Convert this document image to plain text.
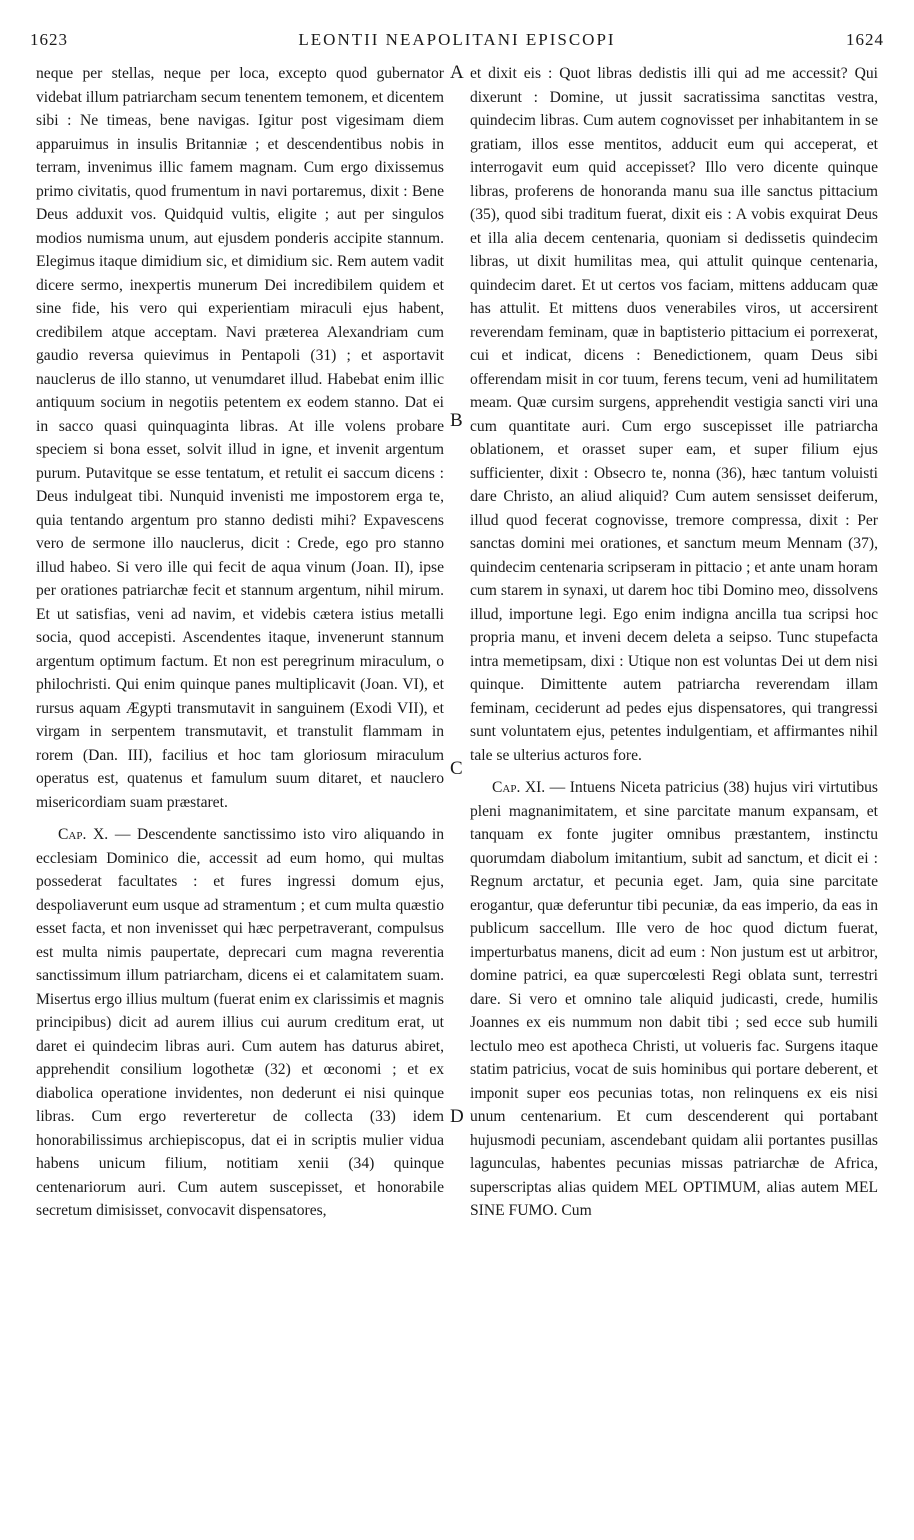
LEONTII NEAPOLITANI EPISCOPI
1623	1624

neque per stellas, neque per loca, excepto quod gubernator videbat illum patriarcham secum tenentem temonem, et dicentem sibi : Ne timeas, bene navigas. Igitur post vigesimam diem apparuimus in insulis Britanniæ ; et descendentibus nobis in terram, invenimus illic famem magnam. Cum ergo dixissemus primo civitatis, quod frumentum in navi portaremus, dixit : Bene Deus adduxit vos. Quidquid vultis, eligite ; aut per singulos modios numisma unum, aut ejusdem ponderis accipite stannum. Elegimus itaque dimidium sic, et dimidium sic. Rem autem vadit dicere sermo, inexpertis munerum Dei incredibilem quidem et sine fide, his vero qui experientiam miraculi ejus habent, credibilem atque acceptam. Navi præterea Alexandriam cum gaudio reversa quievimus in Pentapoli (31) ; et asportavit nauclerus de illo stanno, ut venumdaret illud. Habebat enim illic antiquum socium in negotiis petentem ex eodem stanno. Dat ei in sacco quasi quinquaginta libras. At ille volens probare speciem si bona esset, solvit illud in igne, et invenit argentum purum. Putavitque se esse tentatum, et retulit ei saccum dicens : Deus indulgeat tibi. Nunquid invenisti me impostorem erga te, quia tentando argentum pro stanno dedisti mihi? Expavescens vero de sermone illo nauclerus, dicit : Crede, ego pro stanno illud habeo. Si vero ille qui fecit de aqua vinum (Joan. II), ipse per orationes patriarchæ fecit et stannum argentum, nihil mirum. Et ut satisfias, veni ad navim, et videbis cætera istius metalli socia, quod accepisti. Ascendentes itaque, invenerunt stannum argentum optimum factum. Et non est peregrinum miraculum, o philochristi. Qui enim quinque panes multiplicavit (Joan. VI), et rursus aquam Ægypti transmutavit in sanguinem (Exodi VII), et virgam in serpentem transmutavit, et transtulit flammam in rorem (Dan. III), facilius et hoc tam gloriosum miraculum operatus est, quatenus et famulum suum ditaret, et nauclero misericordiam suam præstaret.

Cap. X. — Descendente sanctissimo isto viro aliquando in ecclesiam Dominico die, accessit ad eum homo, qui multas possederat facultates : et fures ingressi domum ejus, despoliaverunt eum usque ad stramentum ; et cum multa quæstio esset facta, et non invenisset qui hæc perpetraverant, compulsus est multa nimis paupertate, deprecari cum magna reverentia sanctissimum illum patriarcham, dicens ei et calamitatem suam. Misertus ergo illius multum (fuerat enim ex clarissimis et magnis principibus) dicit ad aurem illius cui aurum creditum erat, ut daret ei quindecim libras auri. Cum autem has daturus abiret, apprehendit consilium logothetæ (32) et œconomi ; et ex diabolica operatione invidentes, non dederunt ei nisi quinque libras. Cum ergo reverteretur de collecta (33) idem honorabilissimus archiepiscopus, dat ei in scriptis mulier vidua habens unicum filium, notitiam xenii (34) quinque centenariorum auri. Cum autem suscepisset, et honorabile secretum dimisisset, convocavit dispensatores,

A
B
C
D

et dixit eis : Quot libras dedistis illi qui ad me accessit? Qui dixerunt : Domine, ut jussit sacratissima sanctitas vestra, quindecim libras. Cum autem cognovisset per inhabitantem in se gratiam, illos esse mentitos, adducit eum qui acceperat, et interrogavit eum quid accepisset? Illo vero dicente quinque libras, proferens de honoranda manu sua ille sanctus pittacium (35), quod sibi traditum fuerat, dixit eis : A vobis exquirat Deus et illa alia decem centenaria, quoniam si dedissetis quindecim libras, ut dixit humilitas mea, qui attulit quinque centenaria, quindecim daret. Et ut certos vos faciam, mittens adducam quæ has attulit. Et mittens duos venerabiles viros, ut accersirent reverendam feminam, quæ in baptisterio pittacium ei porrexerat, cui et indicat, dicens : Benedictionem, quam Deus sibi offerendam misit in cor tuum, ferens tecum, veni ad humilitatem meam. Quæ cursim surgens, apprehendit vestigia sancti viri una cum quantitate auri. Cum ergo suscepisset ille patriarcha oblationem, et orasset super eam, et super filium ejus sufficienter, dixit : Obsecro te, nonna (36), hæc tantum voluisti dare Christo, an aliud aliquid? Cum autem sensisset deiferum, illud quod fecerat cognovisse, tremore compressa, dixit : Per sanctas domini mei orationes, et sanctum meum Mennam (37), quindecim centenaria scripseram in pittacio ; et ante unam horam cum starem in synaxi, ut darem hoc tibi Domino meo, dissolvens illud, importune legi. Ego enim indigna ancilla tua scripsi hoc propria manu, et inveni decem deleta a seipso. Tunc stupefacta intra memetipsam, dixi : Utique non est voluntas Dei ut dem nisi quinque. Dimittente autem patriarcha reverendam illam feminam, ceciderunt ad pedes ejus dispensatores, qui trangressi sunt voluntatem ejus, petentes indulgentiam, et affirmantes nihil tale se ulterius acturos fore.

Cap. XI. — Intuens Niceta patricius (38) hujus viri virtutibus pleni magnanimitatem, et sine parcitate manum expansam, et tanquam ex fonte jugiter omnibus præstantem, instinctu quorumdam diabolum imitantium, subit ad sanctum, et dicit ei : Regnum arctatur, et pecunia eget. Jam, quia sine parcitate erogantur, quæ deferuntur tibi pecuniæ, da eas imperio, da eas in publicum saccellum. Ille vero de hoc quod dictum fuerat, imperturbatus manens, dicit ad eum : Non justum est ut arbitror, domine patrici, ea quæ supercœlesti Regi oblata sunt, terrestri dare. Si vero et omnino tale aliquid judicasti, crede, humilis Joannes ex eis nummum non dabit tibi ; sed ecce sub humili lectulo meo est apotheca Christi, ut volueris fac. Surgens itaque statim patricius, vocat de suis hominibus qui portare deberent, et imponit super eos pecunias totas, non relinquens ex eis nisi unum centenarium. Et cum descenderent qui portabant hujusmodi pecuniam, ascendebant quidam alii portantes pusillas lagunculas, habentes pecunias missas patriarchæ de Africa, superscriptas alias quidem MEL OPTIMUM, alias autem MEL SINE FUMO. Cum
